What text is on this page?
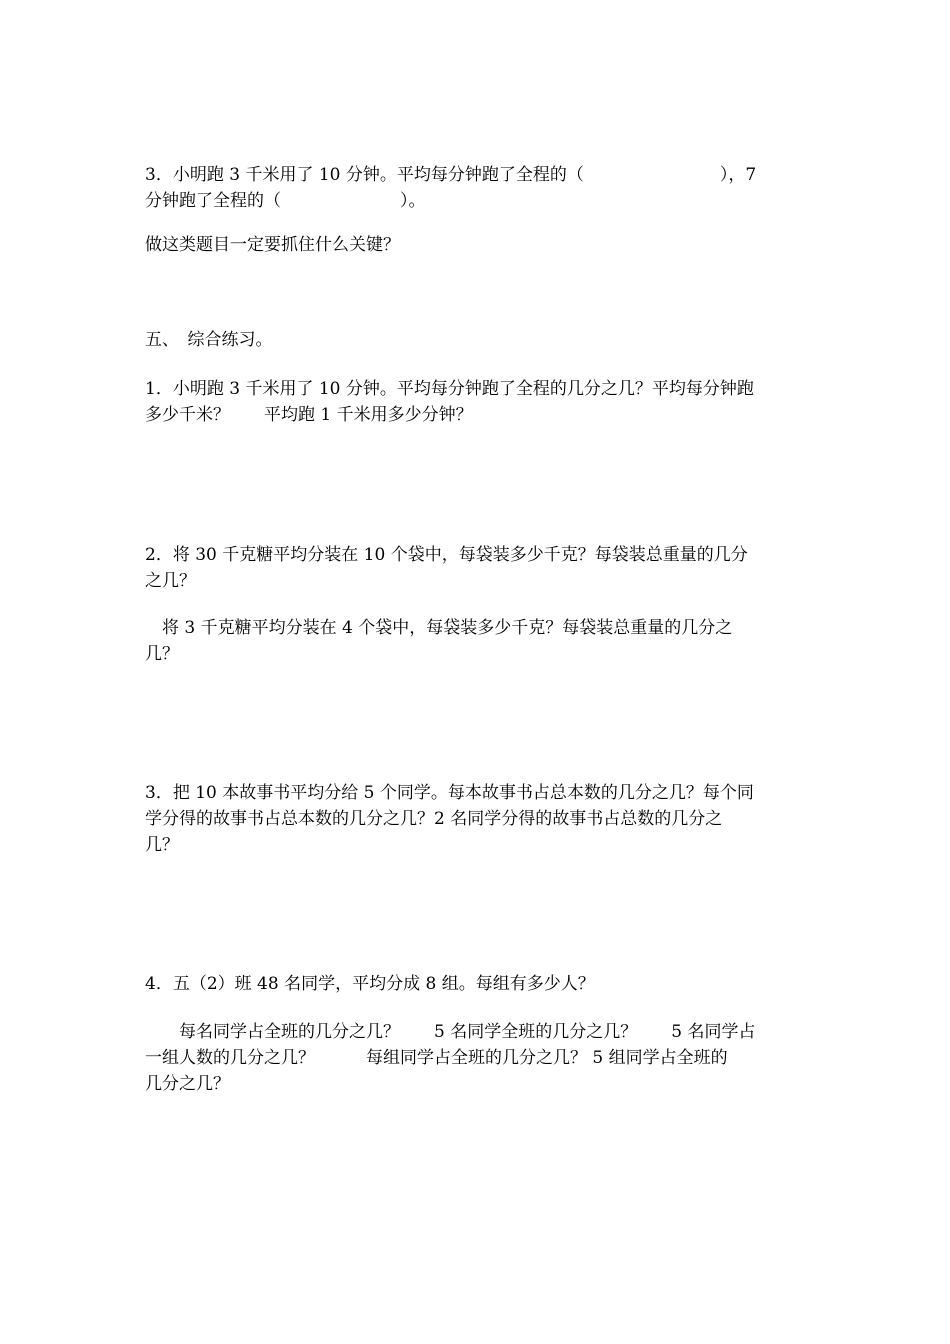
3．小明跑 3 千米用了 10 分钟。平均每分钟跑了全程的（　　　　　　　　），7
分钟跑了全程的（　　　　　　　）。

做这类题目一定要抓住什么关键？

五、　综合练习。

1．小明跑 3 千米用了 10 分钟。平均每分钟跑了全程的几分之几？平均每分钟跑
多少千米？　　平均跑 1 千米用多少分钟？

2．将 30 千克糖平均分装在 10 个袋中，每袋装多少千克？每袋装总重量的几分
之几？

　将 3 千克糖平均分装在 4 个袋中，每袋装多少千克？每袋装总重量的几分之
几？

3．把 10 本故事书平均分给 5 个同学。每本故事书占总本数的几分之几？每个同
学分得的故事书占总本数的几分之几？2 名同学分得的故事书占总数的几分之
几？

4．五（2）班 48 名同学，平均分成 8 组。每组有多少人？

　　每名同学占全班的几分之几？　　5 名同学全班的几分之几？　　5 名同学占
一组人数的几分之几？　　　每组同学占全班的几分之几？ 5 组同学占全班的
几分之几？
